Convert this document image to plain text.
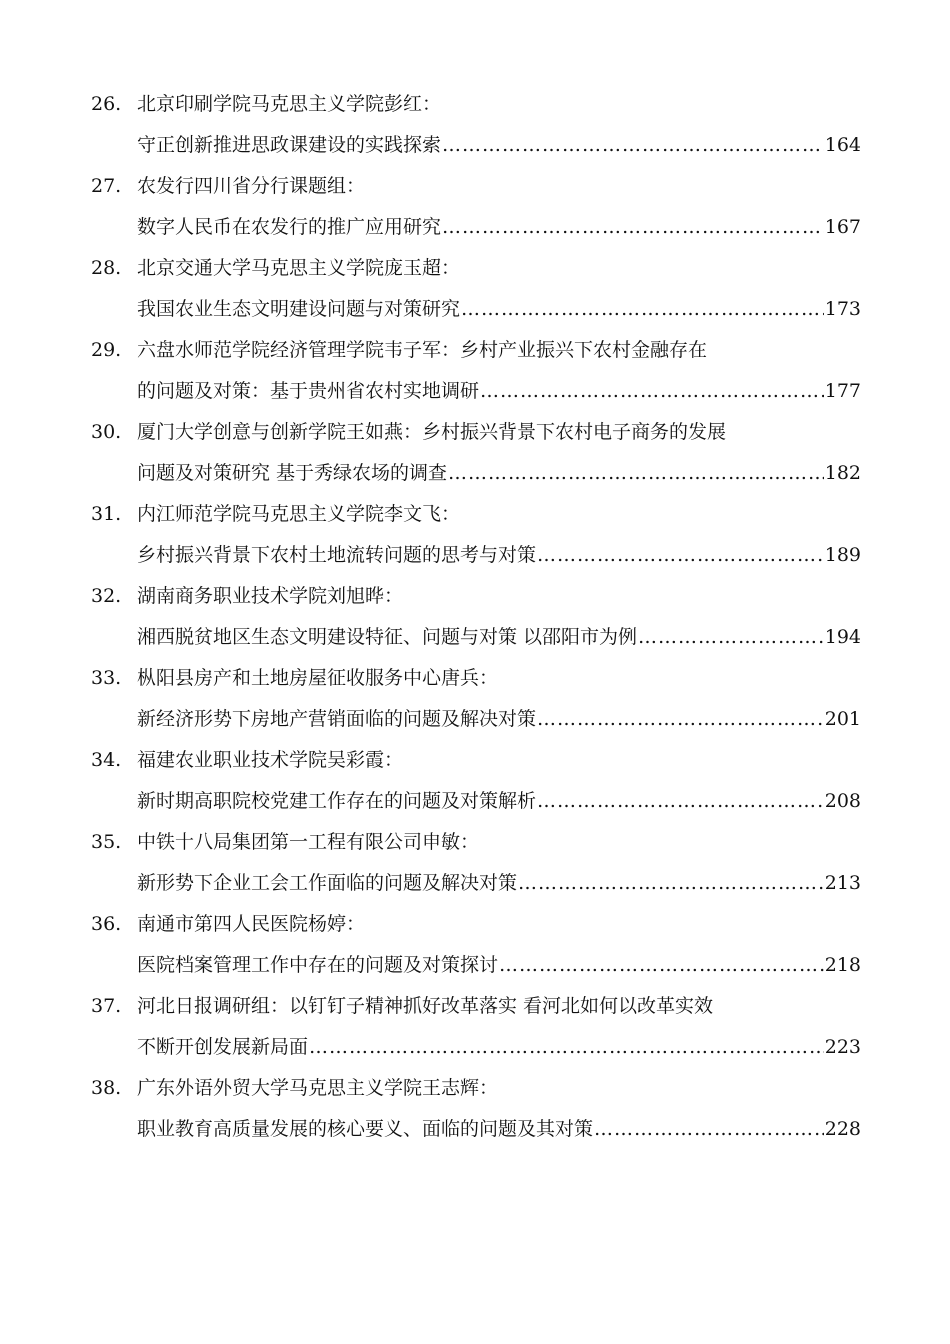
26. 北京印刷学院马克思主义学院彭红：
守正创新推进思政课建设的实践探索 ………………………………………………………………………………………………	164
27. 农发行四川省分行课题组：
数字人民币在农发行的推广应用研究 ………………………………………………………………………………………………	167
28. 北京交通大学马克思主义学院庞玉超：
我国农业生态文明建设问题与对策研究 ………………………………………………………………………………………………	173
29. 六盘水师范学院经济管理学院韦子军：乡村产业振兴下农村金融存在
的问题及对策：基于贵州省农村实地调研 ………………………………………………………………………………………………	177
30. 厦门大学创意与创新学院王如燕：乡村振兴背景下农村电子商务的发展
问题及对策研究 基于秀绿农场的调查 ………………………………………………………………………………………………	182
31. 内江师范学院马克思主义学院李文飞：
乡村振兴背景下农村土地流转问题的思考与对策 ………………………………………………………………………………………………	189
32. 湖南商务职业技术学院刘旭晔：
湘西脱贫地区生态文明建设特征、问题与对策 以邵阳市为例 ………………………………………………………………………………………………	194
33. 枞阳县房产和土地房屋征收服务中心唐兵：
新经济形势下房地产营销面临的问题及解决对策 ………………………………………………………………………………………………	201
34. 福建农业职业技术学院吴彩霞：
新时期高职院校党建工作存在的问题及对策解析 ………………………………………………………………………………………………	208
35. 中铁十八局集团第一工程有限公司申敏：
新形势下企业工会工作面临的问题及解决对策 ………………………………………………………………………………………………	213
36. 南通市第四人民医院杨婷：
医院档案管理工作中存在的问题及对策探讨 ………………………………………………………………………………………………	218
37. 河北日报调研组：以钉钉子精神抓好改革落实 看河北如何以改革实效
不断开创发展新局面 ………………………………………………………………………………………………	223
38. 广东外语外贸大学马克思主义学院王志辉：
职业教育高质量发展的核心要义、面临的问题及其对策 ………………………………………………………………………………………………	228
